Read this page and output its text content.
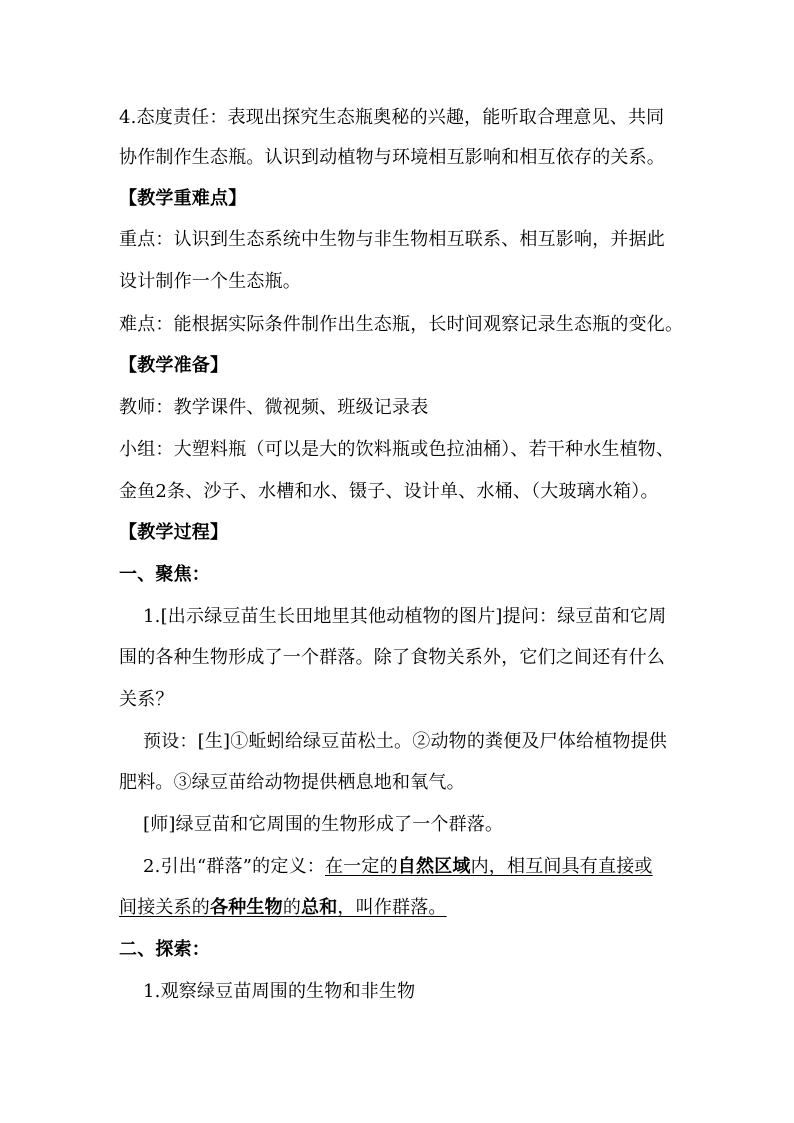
4.态度责任：表现出探究生态瓶奥秘的兴趣，能听取合理意见、共同
协作制作生态瓶。认识到动植物与环境相互影响和相互依存的关系。
【教学重难点】
重点：认识到生态系统中生物与非生物相互联系、相互影响，并据此
设计制作一个生态瓶。
难点：能根据实际条件制作出生态瓶，长时间观察记录生态瓶的变化。
【教学准备】
教师：教学课件、微视频、班级记录表
小组：大塑料瓶（可以是大的饮料瓶或色拉油桶）、若干种水生植物、
金鱼2条、沙子、水槽和水、镊子、设计单、水桶、（大玻璃水箱）。
【教学过程】
一、聚焦：
1.[出示绿豆苗生长田地里其他动植物的图片]提问：绿豆苗和它周
围的各种生物形成了一个群落。除了食物关系外，它们之间还有什么
关系？
预设：[生]①蚯蚓给绿豆苗松土。②动物的粪便及尸体给植物提供
肥料。③绿豆苗给动物提供栖息地和氧气。
[师]绿豆苗和它周围的生物形成了一个群落。
2.引出“群落”的定义：在一定的自然区域内，相互间具有直接或
间接关系的各种生物的总和，叫作群落。
二、探索：
1.观察绿豆苗周围的生物和非生物
